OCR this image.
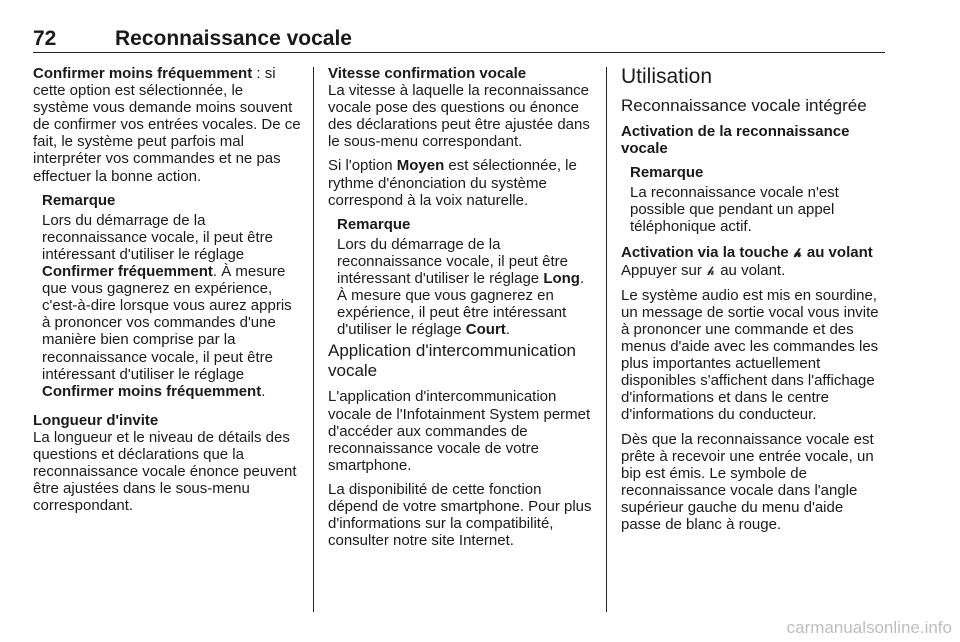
72	Reconnaissance vocale

Confirmer moins fréquemment : si cette option est sélectionnée, le système vous demande moins souvent de confirmer vos entrées vocales. De ce fait, le système peut parfois mal interpréter vos commandes et ne pas effectuer la bonne action.

Remarque

Lors du démarrage de la reconnaissance vocale, il peut être intéressant d'utiliser le réglage Confirmer fréquemment. À mesure que vous gagnerez en expérience, c'est-à-dire lorsque vous aurez appris à prononcer vos commandes d'une manière bien comprise par la reconnaissance vocale, il peut être intéressant d'utiliser le réglage Confirmer moins fréquemment.

Longueur d'invite

La longueur et le niveau de détails des questions et déclarations que la reconnaissance vocale énonce peuvent être ajustées dans le sous-menu correspondant.

Vitesse confirmation vocale

La vitesse à laquelle la reconnaissance vocale pose des questions ou énonce des déclarations peut être ajustée dans le sous-menu correspondant.

Si l'option Moyen est sélectionnée, le rythme d'énonciation du système correspond à la voix naturelle.

Remarque

Lors du démarrage de la reconnaissance vocale, il peut être intéressant d'utiliser le réglage Long. À mesure que vous gagnerez en expérience, il peut être intéressant d'utiliser le réglage Court.

Application d'intercommunication vocale

L'application d'intercommunication vocale de l'Infotainment System permet d'accéder aux commandes de reconnaissance vocale de votre smartphone.

La disponibilité de cette fonction dépend de votre smartphone. Pour plus d'informations sur la compatibilité, consulter notre site Internet.

Utilisation

Reconnaissance vocale intégrée

Activation de la reconnaissance vocale

Remarque

La reconnaissance vocale n'est possible que pendant un appel téléphonique actif.

Activation via la touche 𝓱 au volant

Appuyer sur 𝓱 au volant.

Le système audio est mis en sourdine, un message de sortie vocal vous invite à prononcer une commande et des menus d'aide avec les commandes les plus importantes actuellement disponibles s'affichent dans l'affichage d'informations et dans le centre d'informations du conducteur.

Dès que la reconnaissance vocale est prête à recevoir une entrée vocale, un bip est émis. Le symbole de reconnaissance vocale dans l'angle supérieur gauche du menu d'aide passe de blanc à rouge.

carmanualsonline.info
